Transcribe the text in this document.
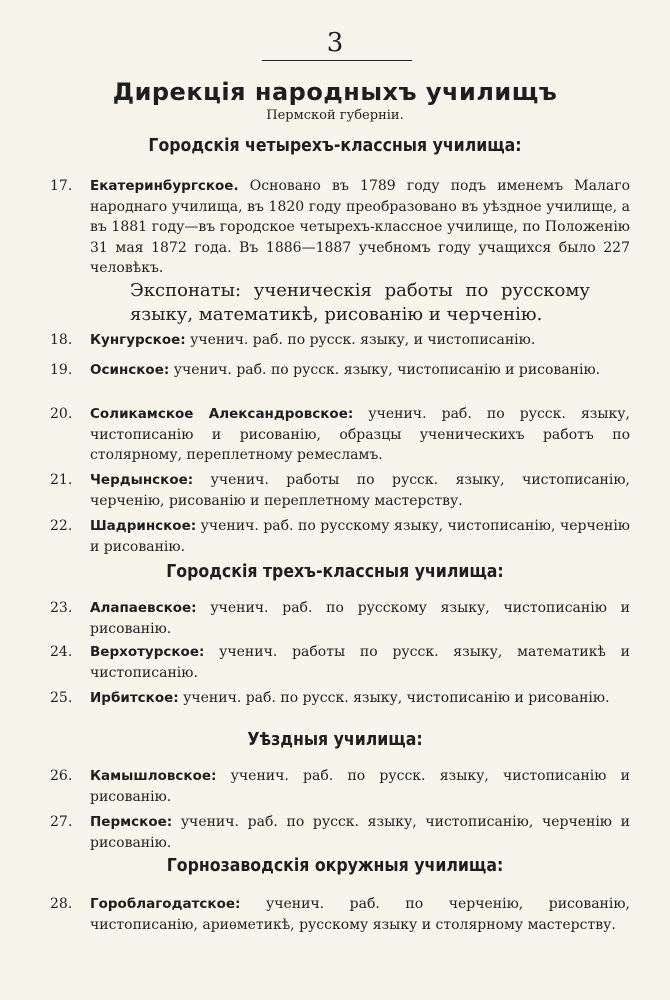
3
Дирекція народныхъ училищъ
Пермской губерніи.
Городскія четырехъ-классныя училища:
17.	Екатеринбургское. Основано въ 1789 году подъ именемъ Малаго народнаго училища, въ 1820 году преобразовано въ уѣздное училище, а въ 1881 году—въ городское четырехъ-классное училище, по Положенію 31 мая 1872 года. Въ 1886—1887 учебномъ году учащихся было 227 человѣкъ.
Экспонаты: ученическія работы по русскому языку, математикѣ, рисованію и черченію.
18.	Кунгурское: ученич. раб. по русск. языку, и чистописанію.
19.	Осинское: ученич. раб. по русск. языку, чистописанію и рисованію.
20.	Соликамское Александровское: ученич. раб. по русск. языку, чистописанію и рисованію, образцы ученическихъ работъ по столярному, переплетному ремесламъ.
21.	Чердынское: ученич. работы по русск. языку, чистописанію, черченію, рисованію и переплетному мастерству.
22.	Шадринское: ученич. раб. по русскому языку, чистописанію, черченію и рисованію.
Городскія трехъ-классныя училища:
23.	Алапаевское: ученич. раб. по русскому языку, чистописанію и рисованію.
24.	Верхотурское: ученич. работы по русск. языку, математикѣ и чистописанію.
25.	Ирбитское: ученич. раб. по русск. языку, чистописанію и рисованію.
Уѣздныя училища:
26.	Камышловское: ученич. раб. по русск. языку, чистописанію и рисованію.
27.	Пермское: ученич. раб. по русск. языку, чистописанію, черченію и рисованію.
Горнозаводскія окружныя училища:
28.	Гороблагодатское: ученич. раб. по черченію, рисованію, чистописанію, ариѳметикѣ, русскому языку и столярному мастерству.
